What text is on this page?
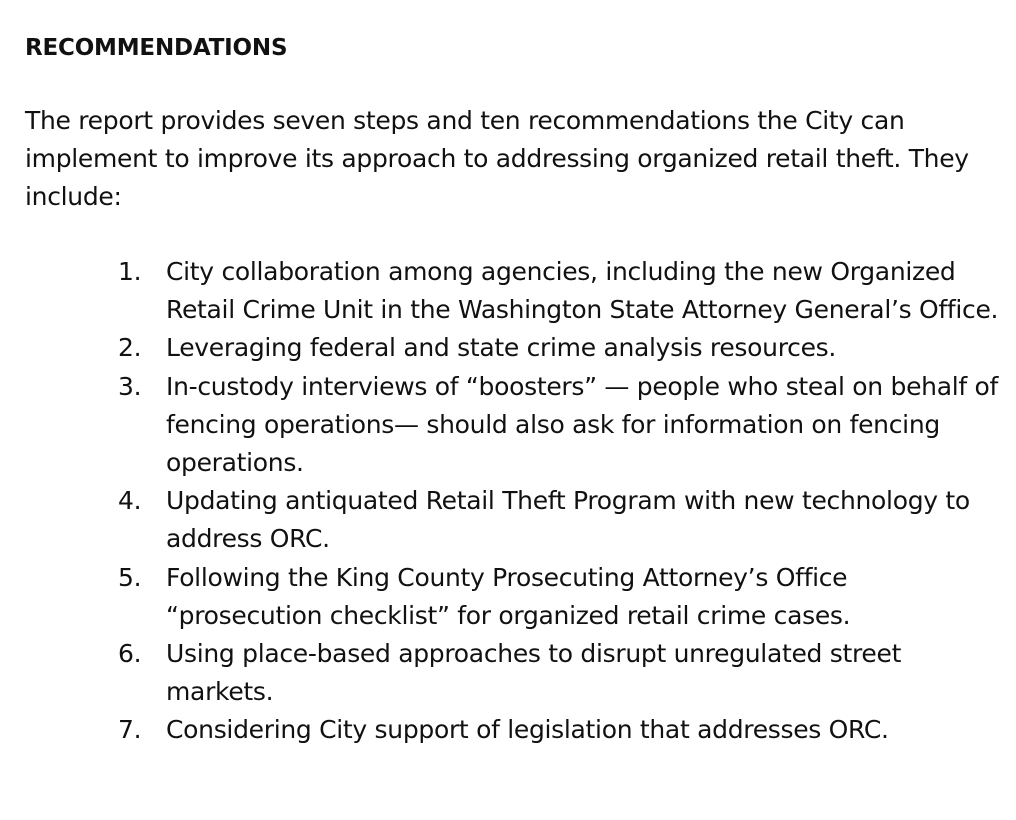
RECOMMENDATIONS

The report provides seven steps and ten recommendations the City can implement to improve its approach to addressing organized retail theft. They include:

1. City collaboration among agencies, including the new Organized Retail Crime Unit in the Washington State Attorney General’s Office.
2. Leveraging federal and state crime analysis resources.
3. In-custody interviews of “boosters” — people who steal on behalf of fencing operations— should also ask for information on fencing operations.
4. Updating antiquated Retail Theft Program with new technology to address ORC.
5. Following the King County Prosecuting Attorney’s Office “prosecution checklist” for organized retail crime cases.
6. Using place-based approaches to disrupt unregulated street markets.
7. Considering City support of legislation that addresses ORC.
